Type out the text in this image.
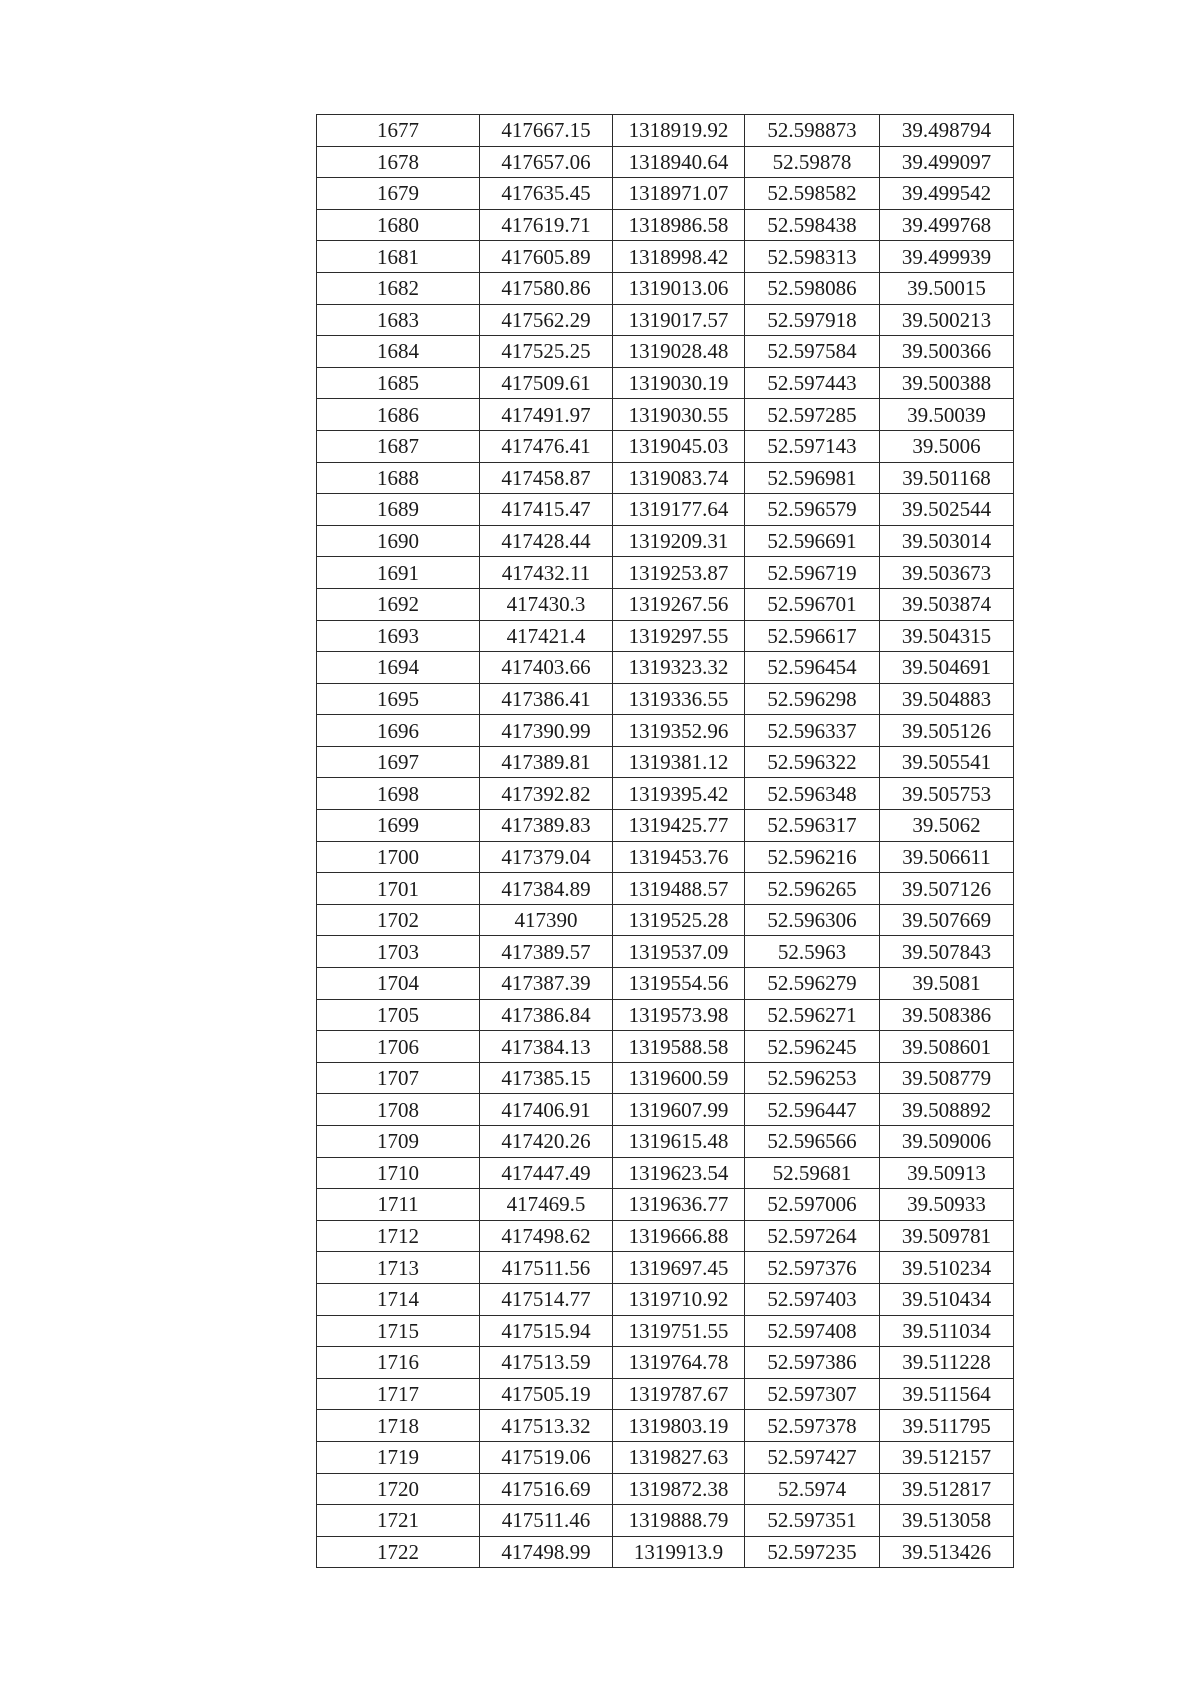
1677	417667.15	1318919.92	52.598873	39.498794
1678	417657.06	1318940.64	52.59878	39.499097
1679	417635.45	1318971.07	52.598582	39.499542
1680	417619.71	1318986.58	52.598438	39.499768
1681	417605.89	1318998.42	52.598313	39.499939
1682	417580.86	1319013.06	52.598086	39.50015
1683	417562.29	1319017.57	52.597918	39.500213
1684	417525.25	1319028.48	52.597584	39.500366
1685	417509.61	1319030.19	52.597443	39.500388
1686	417491.97	1319030.55	52.597285	39.50039
1687	417476.41	1319045.03	52.597143	39.5006
1688	417458.87	1319083.74	52.596981	39.501168
1689	417415.47	1319177.64	52.596579	39.502544
1690	417428.44	1319209.31	52.596691	39.503014
1691	417432.11	1319253.87	52.596719	39.503673
1692	417430.3	1319267.56	52.596701	39.503874
1693	417421.4	1319297.55	52.596617	39.504315
1694	417403.66	1319323.32	52.596454	39.504691
1695	417386.41	1319336.55	52.596298	39.504883
1696	417390.99	1319352.96	52.596337	39.505126
1697	417389.81	1319381.12	52.596322	39.505541
1698	417392.82	1319395.42	52.596348	39.505753
1699	417389.83	1319425.77	52.596317	39.5062
1700	417379.04	1319453.76	52.596216	39.506611
1701	417384.89	1319488.57	52.596265	39.507126
1702	417390	1319525.28	52.596306	39.507669
1703	417389.57	1319537.09	52.5963	39.507843
1704	417387.39	1319554.56	52.596279	39.5081
1705	417386.84	1319573.98	52.596271	39.508386
1706	417384.13	1319588.58	52.596245	39.508601
1707	417385.15	1319600.59	52.596253	39.508779
1708	417406.91	1319607.99	52.596447	39.508892
1709	417420.26	1319615.48	52.596566	39.509006
1710	417447.49	1319623.54	52.59681	39.50913
1711	417469.5	1319636.77	52.597006	39.50933
1712	417498.62	1319666.88	52.597264	39.509781
1713	417511.56	1319697.45	52.597376	39.510234
1714	417514.77	1319710.92	52.597403	39.510434
1715	417515.94	1319751.55	52.597408	39.511034
1716	417513.59	1319764.78	52.597386	39.511228
1717	417505.19	1319787.67	52.597307	39.511564
1718	417513.32	1319803.19	52.597378	39.511795
1719	417519.06	1319827.63	52.597427	39.512157
1720	417516.69	1319872.38	52.5974	39.512817
1721	417511.46	1319888.79	52.597351	39.513058
1722	417498.99	1319913.9	52.597235	39.513426
